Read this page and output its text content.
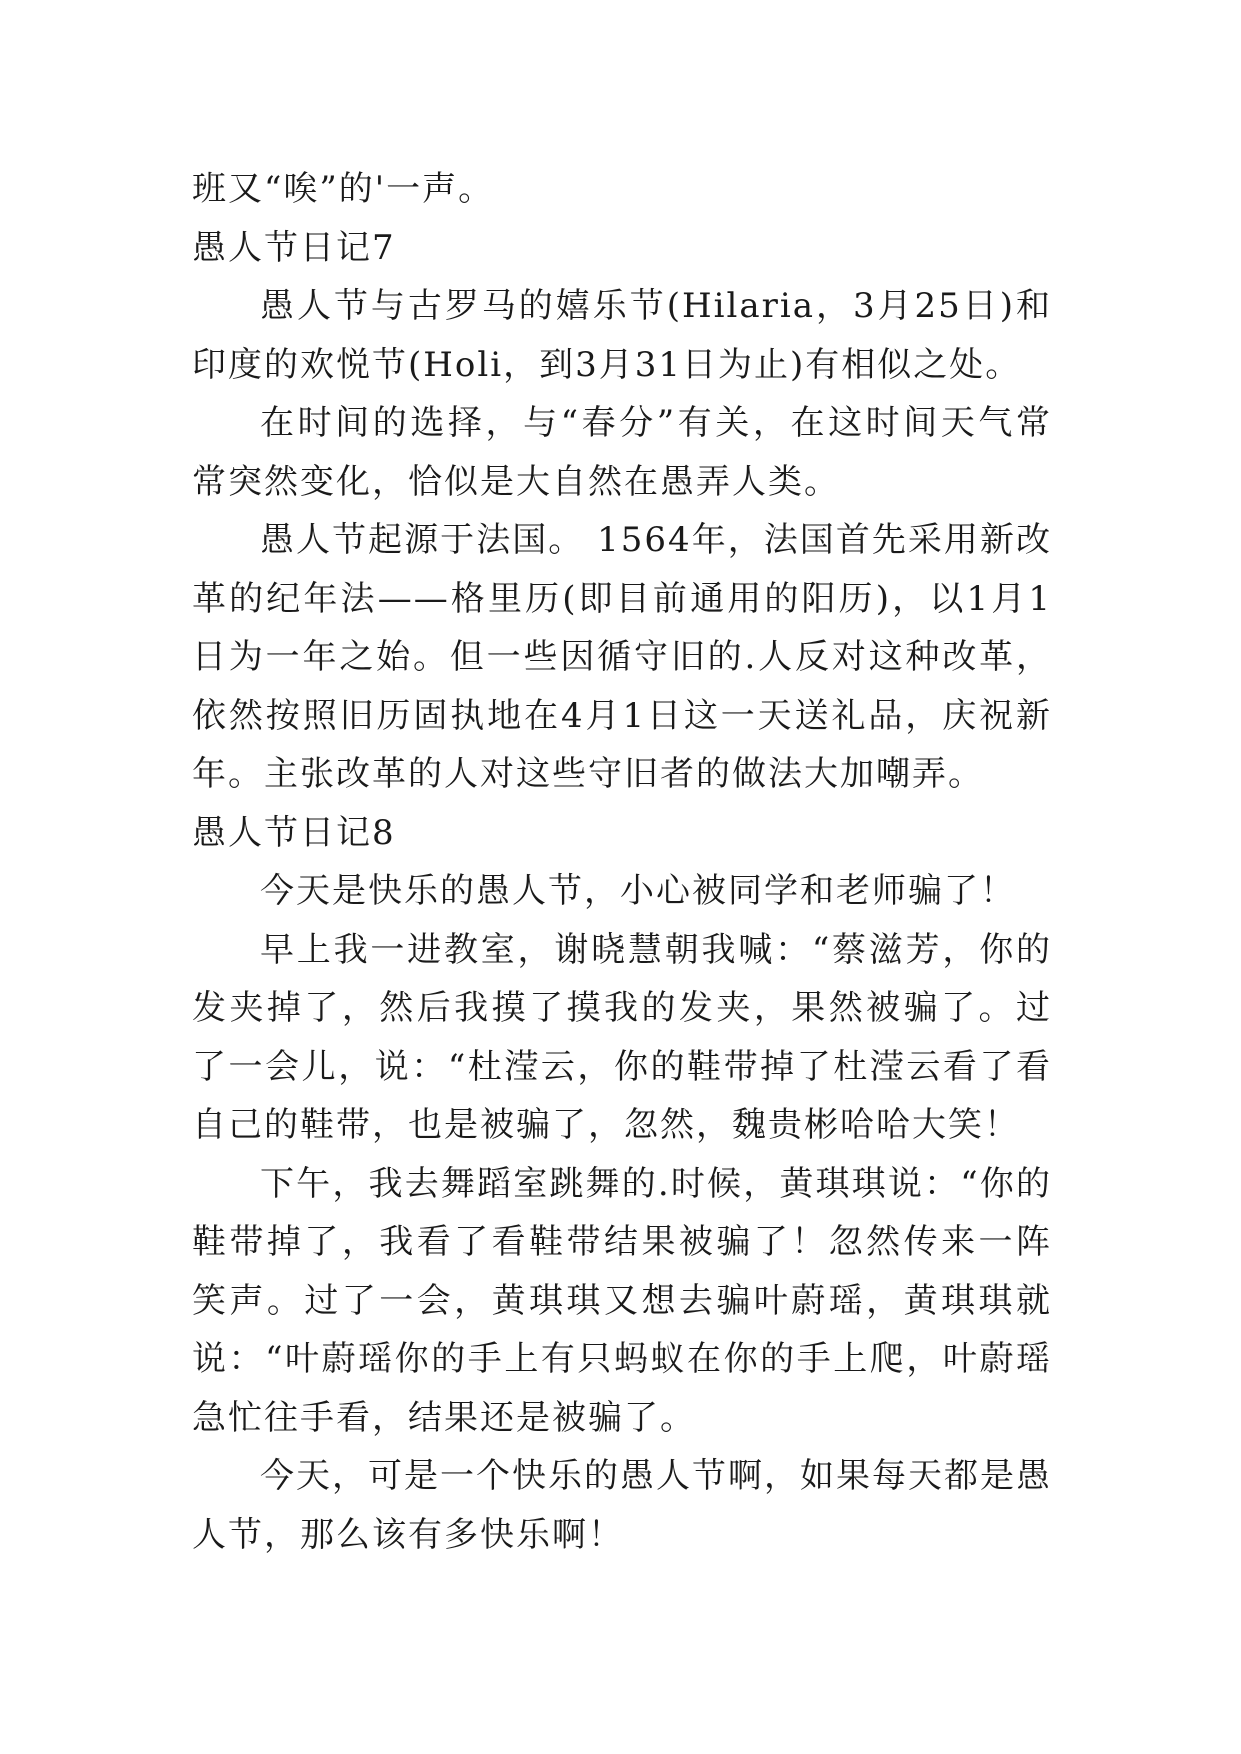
班又“唉”的'一声。

愚人节日记7

愚人节与古罗马的嬉乐节(Hilaria，3月25日)和印度的欢悦节(Holi，到3月31日为止)有相似之处。

在时间的选择，与“春分”有关，在这时间天气常常突然变化，恰似是大自然在愚弄人类。

愚人节起源于法国。 1564年，法国首先采用新改革的纪年法——格里历(即目前通用的阳历)，以1月1日为一年之始。但一些因循守旧的.人反对这种改革，依然按照旧历固执地在4月1日这一天送礼品，庆祝新年。主张改革的人对这些守旧者的做法大加嘲弄。

愚人节日记8

今天是快乐的愚人节，小心被同学和老师骗了！

早上我一进教室，谢晓慧朝我喊：“蔡滋芳，你的发夹掉了，然后我摸了摸我的发夹，果然被骗了。过了一会儿，说：“杜滢云，你的鞋带掉了杜滢云看了看自己的鞋带，也是被骗了，忽然，魏贵彬哈哈大笑！

下午，我去舞蹈室跳舞的.时候，黄琪琪说：“你的鞋带掉了，我看了看鞋带结果被骗了！忽然传来一阵笑声。过了一会，黄琪琪又想去骗叶蔚瑶，黄琪琪就说：“叶蔚瑶你的手上有只蚂蚁在你的手上爬，叶蔚瑶急忙往手看，结果还是被骗了。

今天，可是一个快乐的愚人节啊，如果每天都是愚人节，那么该有多快乐啊！
